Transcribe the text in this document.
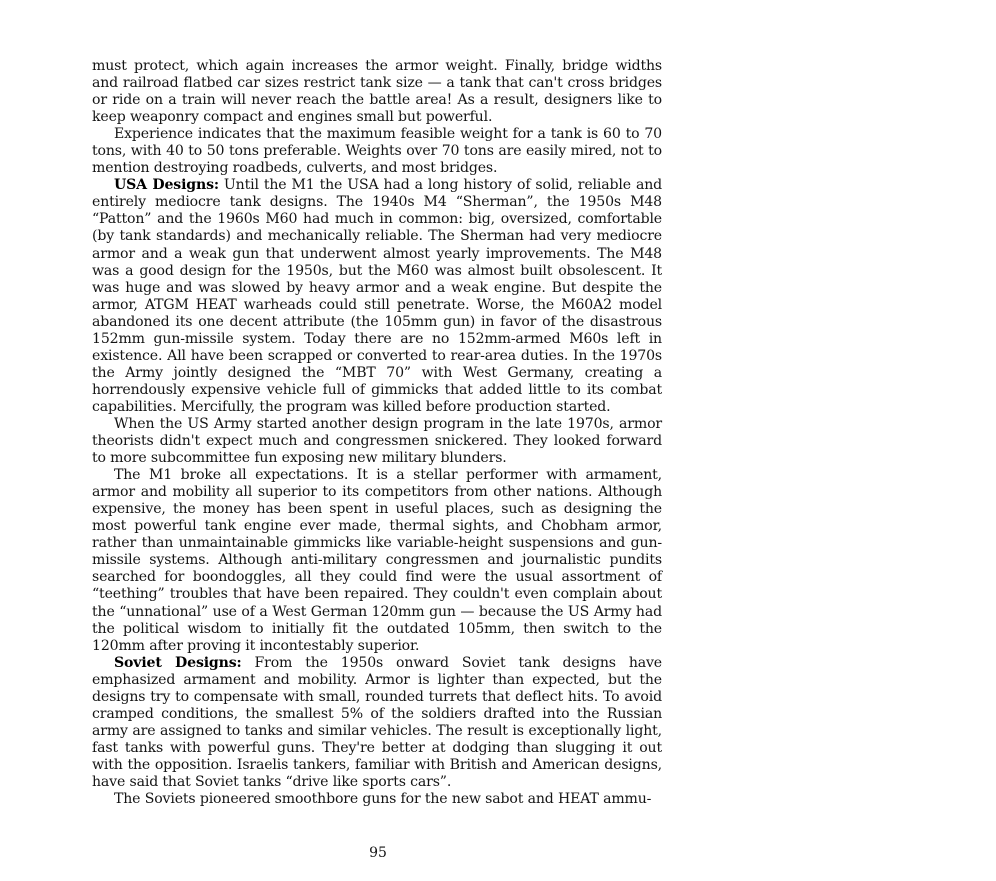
must protect, which again increases the armor weight. Finally, bridge widths and railroad flatbed car sizes restrict tank size — a tank that can't cross bridges or ride on a train will never reach the battle area! As a result, designers like to keep weaponry compact and engines small but powerful.

Experience indicates that the maximum feasible weight for a tank is 60 to 70 tons, with 40 to 50 tons preferable. Weights over 70 tons are easily mired, not to mention destroying roadbeds, culverts, and most bridges.

USA Designs: Until the M1 the USA had a long history of solid, reliable and entirely mediocre tank designs. The 1940s M4 “Sherman”, the 1950s M48 “Patton” and the 1960s M60 had much in common: big, oversized, comfortable (by tank standards) and mechanically reliable. The Sherman had very mediocre armor and a weak gun that underwent almost yearly improvements. The M48 was a good design for the 1950s, but the M60 was almost built obsolescent. It was huge and was slowed by heavy armor and a weak engine. But despite the armor, ATGM HEAT warheads could still penetrate. Worse, the M60A2 model abandoned its one decent attribute (the 105mm gun) in favor of the disastrous 152mm gun-missile system. Today there are no 152mm-armed M60s left in existence. All have been scrapped or converted to rear-area duties. In the 1970s the Army jointly designed the “MBT 70” with West Germany, creating a horrendously expensive vehicle full of gimmicks that added little to its combat capabilities. Mercifully, the program was killed before production started.

When the US Army started another design program in the late 1970s, armor theorists didn't expect much and congressmen snickered. They looked forward to more subcommittee fun exposing new military blunders.

The M1 broke all expectations. It is a stellar performer with armament, armor and mobility all superior to its competitors from other nations. Although expensive, the money has been spent in useful places, such as designing the most powerful tank engine ever made, thermal sights, and Chobham armor, rather than unmaintainable gimmicks like variable-height suspensions and gun-missile systems. Although anti-military congressmen and journalistic pundits searched for boondoggles, all they could find were the usual assortment of “teething” troubles that have been repaired. They couldn't even complain about the “unnational” use of a West German 120mm gun — because the US Army had the political wisdom to initially fit the outdated 105mm, then switch to the 120mm after proving it incontestably superior.

Soviet Designs: From the 1950s onward Soviet tank designs have emphasized armament and mobility. Armor is lighter than expected, but the designs try to compensate with small, rounded turrets that deflect hits. To avoid cramped conditions, the smallest 5% of the soldiers drafted into the Russian army are assigned to tanks and similar vehicles. The result is exceptionally light, fast tanks with powerful guns. They're better at dodging than slugging it out with the opposition. Israelis tankers, familiar with British and American designs, have said that Soviet tanks “drive like sports cars”.

The Soviets pioneered smoothbore guns for the new sabot and HEAT ammu-

95
